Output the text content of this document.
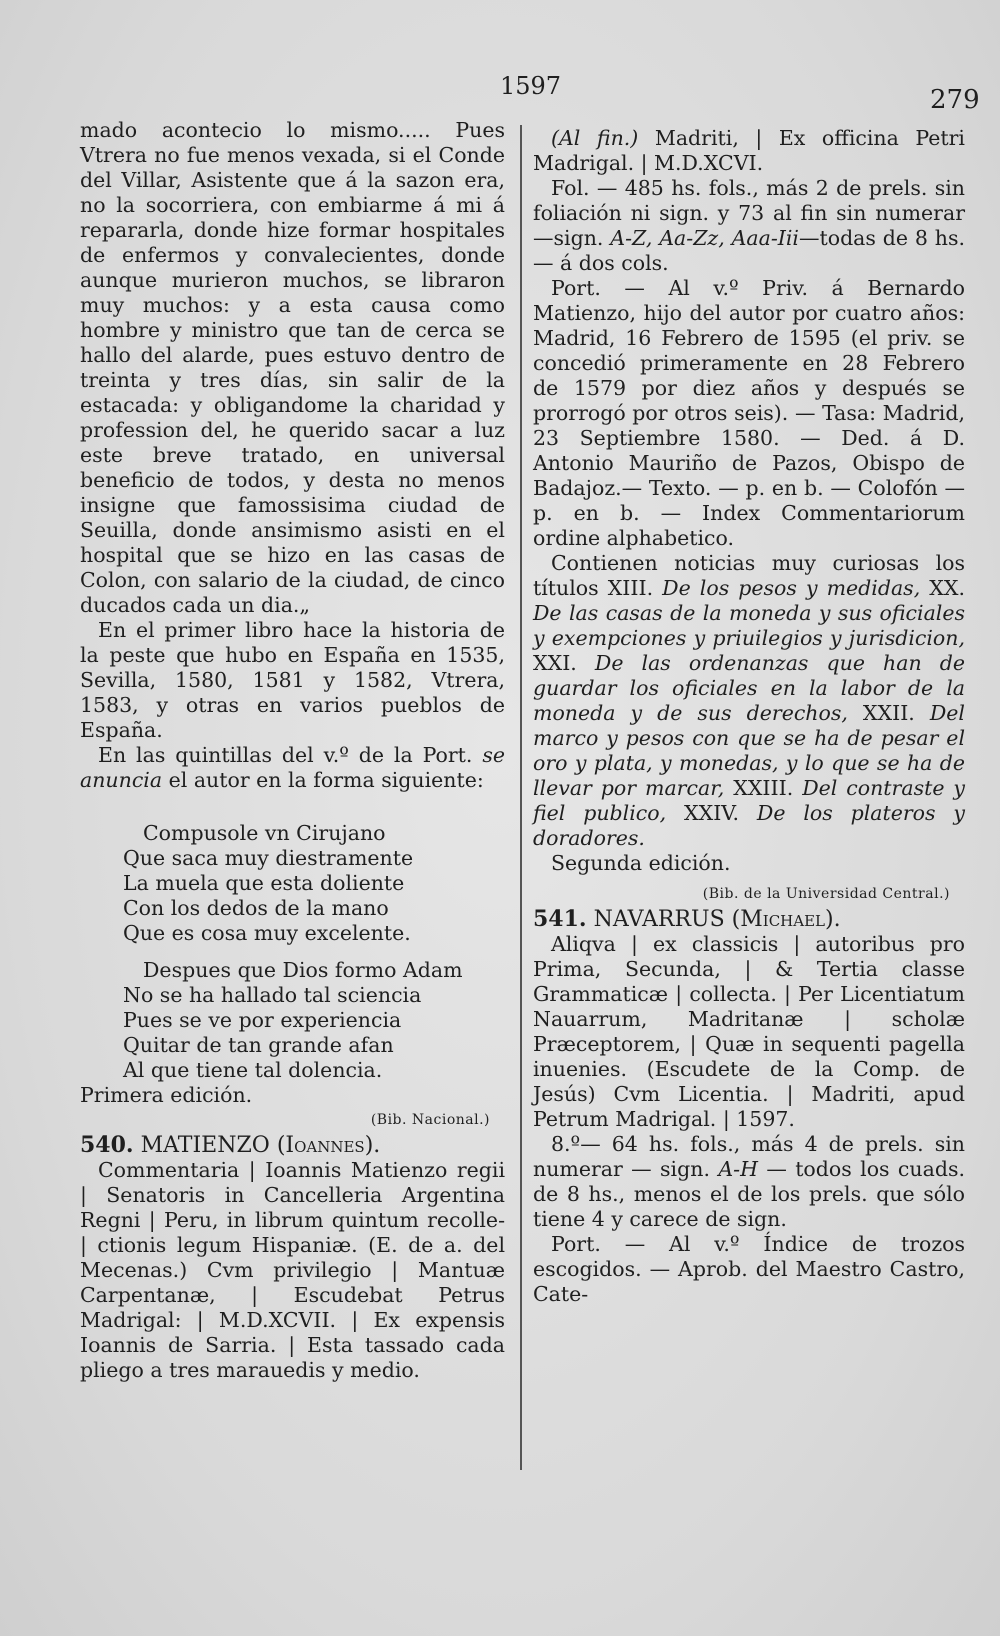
1597	279

mado acontecio lo mismo..... Pues Vtrera no fue menos vexada, si el Conde del Villar, Asistente que á la sazon era, no la socorriera, con embiarme á mi á repararla, donde hize formar hospitales de enfermos y convalecientes, donde aunque murieron muchos, se libraron muy muchos: y a esta causa como hombre y ministro que tan de cerca se hallo del alarde, pues estuvo dentro de treinta y tres días, sin salir de la estacada: y obligandome la charidad y profession del, he querido sacar a luz este breve tratado, en universal beneficio de todos, y desta no menos insigne que famossisima ciudad de Seuilla, donde ansimismo asisti en el hospital que se hizo en las casas de Colon, con salario de la ciudad, de cinco ducados cada un dia.„

En el primer libro hace la historia de la peste que hubo en España en 1535, Sevilla, 1580, 1581 y 1582, Vtrera, 1583, y otras en varios pueblos de España.

En las quintillas del v.º de la Port. se anuncia el autor en la forma siguiente:

Compusole vn Cirujano
Que saca muy diestramente
La muela que esta doliente
Con los dedos de la mano
Que es cosa muy excelente.
Despues que Dios formo Adam
No se ha hallado tal sciencia
Pues se ve por experiencia
Quitar de tan grande afan
Al que tiene tal dolencia.

Primera edición.

(Bib. Nacional.)

540. MATIENZO (Ioannes).

Commentaria | Ioannis Matienzo regii | Senatoris in Cancelleria Argentina Regni | Peru, in librum quintum recolle- | ctionis legum Hispaniæ. (E. de a. del Mecenas.) Cvm privilegio | Mantuæ Carpentanæ, | Escudebat Petrus Madrigal: | M.D.XCVII. | Ex expensis Ioannis de Sarria. | Esta tassado cada pliego a tres marauedis y medio.

(Al fin.) Madriti, | Ex officina Petri Madrigal. | M.D.XCVI.

Fol. — 485 hs. fols., más 2 de prels. sin foliación ni sign. y 73 al fin sin numerar —sign. A-Z, Aa-Zz, Aaa-Iii—todas de 8 hs. — á dos cols.

Port. — Al v.º Priv. á Bernardo Matienzo, hijo del autor por cuatro años: Madrid, 16 Febrero de 1595 (el priv. se concedió primeramente en 28 Febrero de 1579 por diez años y después se prorrogó por otros seis). — Tasa: Madrid, 23 Septiembre 1580. — Ded. á D. Antonio Mauriño de Pazos, Obispo de Badajoz.— Texto. — p. en b. — Colofón — p. en b. — Index Commentariorum ordine alphabetico.

Contienen noticias muy curiosas los títulos XIII. De los pesos y medidas, XX. De las casas de la moneda y sus oficiales y exempciones y priuilegios y jurisdicion, XXI. De las ordenanzas que han de guardar los oficiales en la labor de la moneda y de sus derechos, XXII. Del marco y pesos con que se ha de pesar el oro y plata, y monedas, y lo que se ha de llevar por marcar, XXIII. Del contraste y fiel publico, XXIV. De los plateros y doradores.

Segunda edición.

(Bib. de la Universidad Central.)

541. NAVARRUS (Michael).

Aliqva | ex classicis | autoribus pro Prima, Secunda, | & Tertia classe Grammaticæ | collecta. | Per Licentiatum Nauarrum, Madritanæ | scholæ Præceptorem, | Quæ in sequenti pagella inuenies. (Escudete de la Comp. de Jesús) Cvm Licentia. | Madriti, apud Petrum Madrigal. | 1597.

8.º— 64 hs. fols., más 4 de prels. sin numerar — sign. A-H — todos los cuads. de 8 hs., menos el de los prels. que sólo tiene 4 y carece de sign.

Port. — Al v.º Índice de trozos escogidos. — Aprob. del Maestro Castro, Cate-
